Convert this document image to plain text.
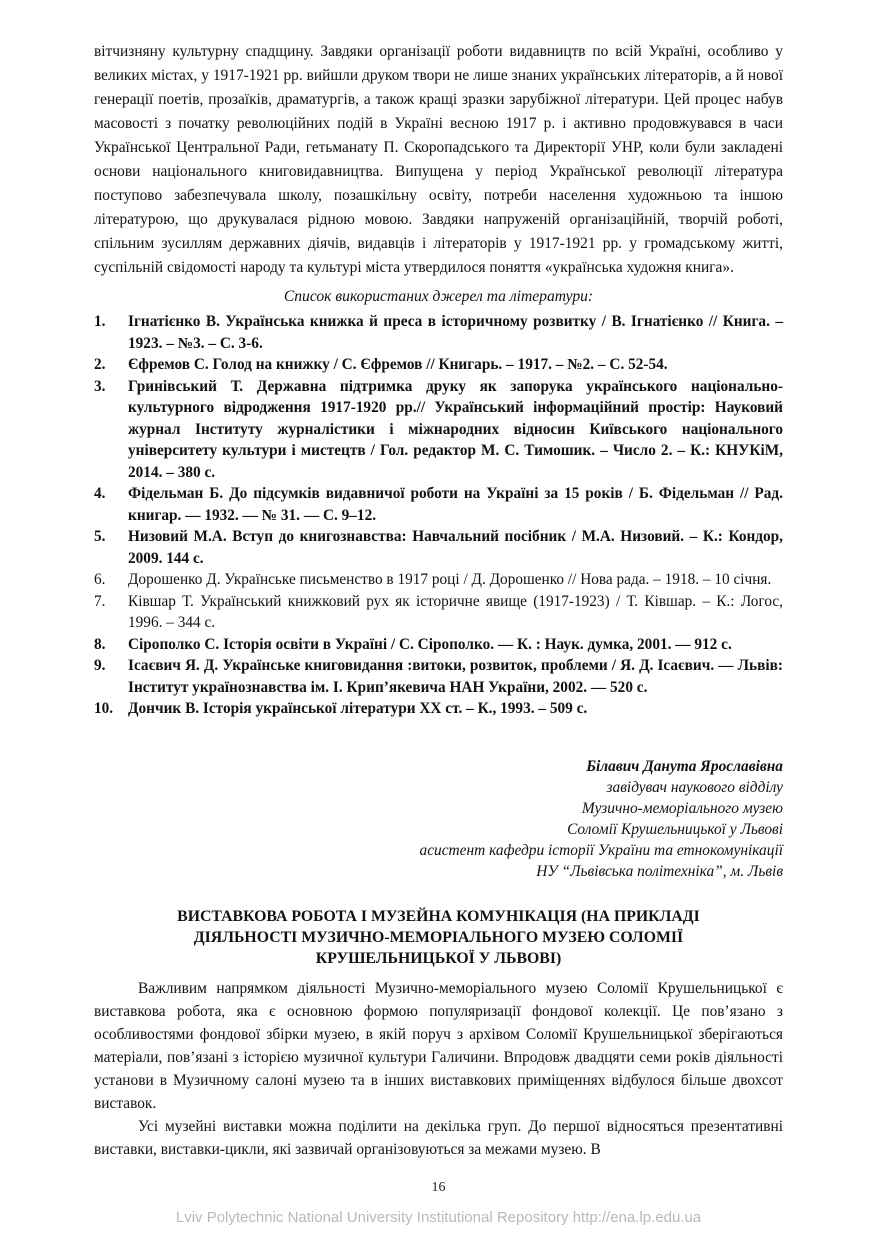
вітчизняну культурну спадщину. Завдяки організації роботи видавництв по всій Україні, особливо у великих містах, у 1917-1921 рр. вийшли друком твори не лише знаних українських літераторів, а й нової генерації поетів, прозаїків, драматургів, а також кращі зразки зарубіжної літератури. Цей процес набув масовості з початку революційних подій в Україні весною 1917 р. і активно продовжувався в часи Української Центральної Ради, гетьманату П. Скоропадського та Директорії УНР, коли були закладені основи національного книговидавництва. Випущена у період Української революції література поступово забезпечувала школу, позашкільну освіту, потреби населення художньою та іншою літературою, що друкувалася рідною мовою. Завдяки напруженій організаційній, творчій роботі, спільним зусиллям державних діячів, видавців і літераторів у 1917-1921 рр. у громадському житті, суспільній свідомості народу та культурі міста утвердилося поняття «українська художня книга».

Список використаних джерел та літератури:

1.	Ігнатієнко В. Українська книжка й преса в історичному розвитку / В. Ігнатієнко // Книга. – 1923. – №3. – С. 3-6.
2.	Єфремов С. Голод на книжку / С. Єфремов // Книгарь. – 1917. – №2. – С. 52-54.
3.	Гринівський Т. Державна підтримка друку як запорука українського національно-культурного відродження 1917-1920 рр.// Український інформаційний простір: Науковий журнал Інституту журналістики і міжнародних відносин Київського національного університету культури і мистецтв / Гол. редактор М. С. Тимошик. – Число 2. – К.: КНУКіМ, 2014. – 380 с.
4.	Фідельман Б. До підсумків видавничої роботи на Україні за 15 років / Б. Фідельман // Рад. книгар. — 1932. — № 31. — С. 9–12.
5.	Низовий М.А. Вступ до книгознавства: Навчальний посібник / М.А. Низовий. – К.: Кондор, 2009. 144 с.
6.	Дорошенко Д. Українське письменство в 1917 році / Д. Дорошенко // Нова рада. – 1918. – 10 січня.
7.	Ківшар Т. Український книжковий рух як історичне явище (1917-1923) / Т. Ківшар. – К.: Логос, 1996. – 344 с.
8.	Сірополко С. Історія освіти в Україні / С. Сірополко. — К. : Наук. думка, 2001. — 912 с.
9.	Ісаєвич Я. Д. Українське книговидання :витоки, розвиток, проблеми / Я. Д. Ісаєвич. — Львів: Інститут українознавства ім. І. Крип’якевича НАН України, 2002. — 520 с.
10. Дончик В. Історія української літератури ХХ ст. – К., 1993. – 509 с.
Білавич Данута Ярославівна
завідувач наукового відділу
Музично-меморіального музею
Соломії Крушельницької у Львові
асистент кафедри історії України та етнокомунікації
НУ “Львівська політехніка”, м. Львів
ВИСТАВКОВА РОБОТА І МУЗЕЙНА КОМУНІКАЦІЯ (НА ПРИКЛАДІ ДІЯЛЬНОСТІ МУЗИЧНО-МЕМОРІАЛЬНОГО МУЗЕЮ СОЛОМІЇ КРУШЕЛЬНИЦЬКОЇ У ЛЬВОВІ)

Важливим напрямком діяльності Музично-меморіального музею Соломії Крушельницької є виставкова робота, яка є основною формою популяризації фондової колекції. Це пов’язано з особливостями фондової збірки музею, в якій поруч з архівом Соломії Крушельницької зберігаються матеріали, пов’язані з історією музичної культури Галичини. Впродовж двадцяти семи років діяльності установи в Музичному салоні музею та в інших виставкових приміщеннях відбулося більше двохсот виставок.

Усі музейні виставки можна поділити на декілька груп. До першої відносяться презентативні виставки, виставки-цикли, які зазвичай організовуються за межами музею. В

16
Lviv Polytechnic National University Institutional Repository http://ena.lp.edu.ua
